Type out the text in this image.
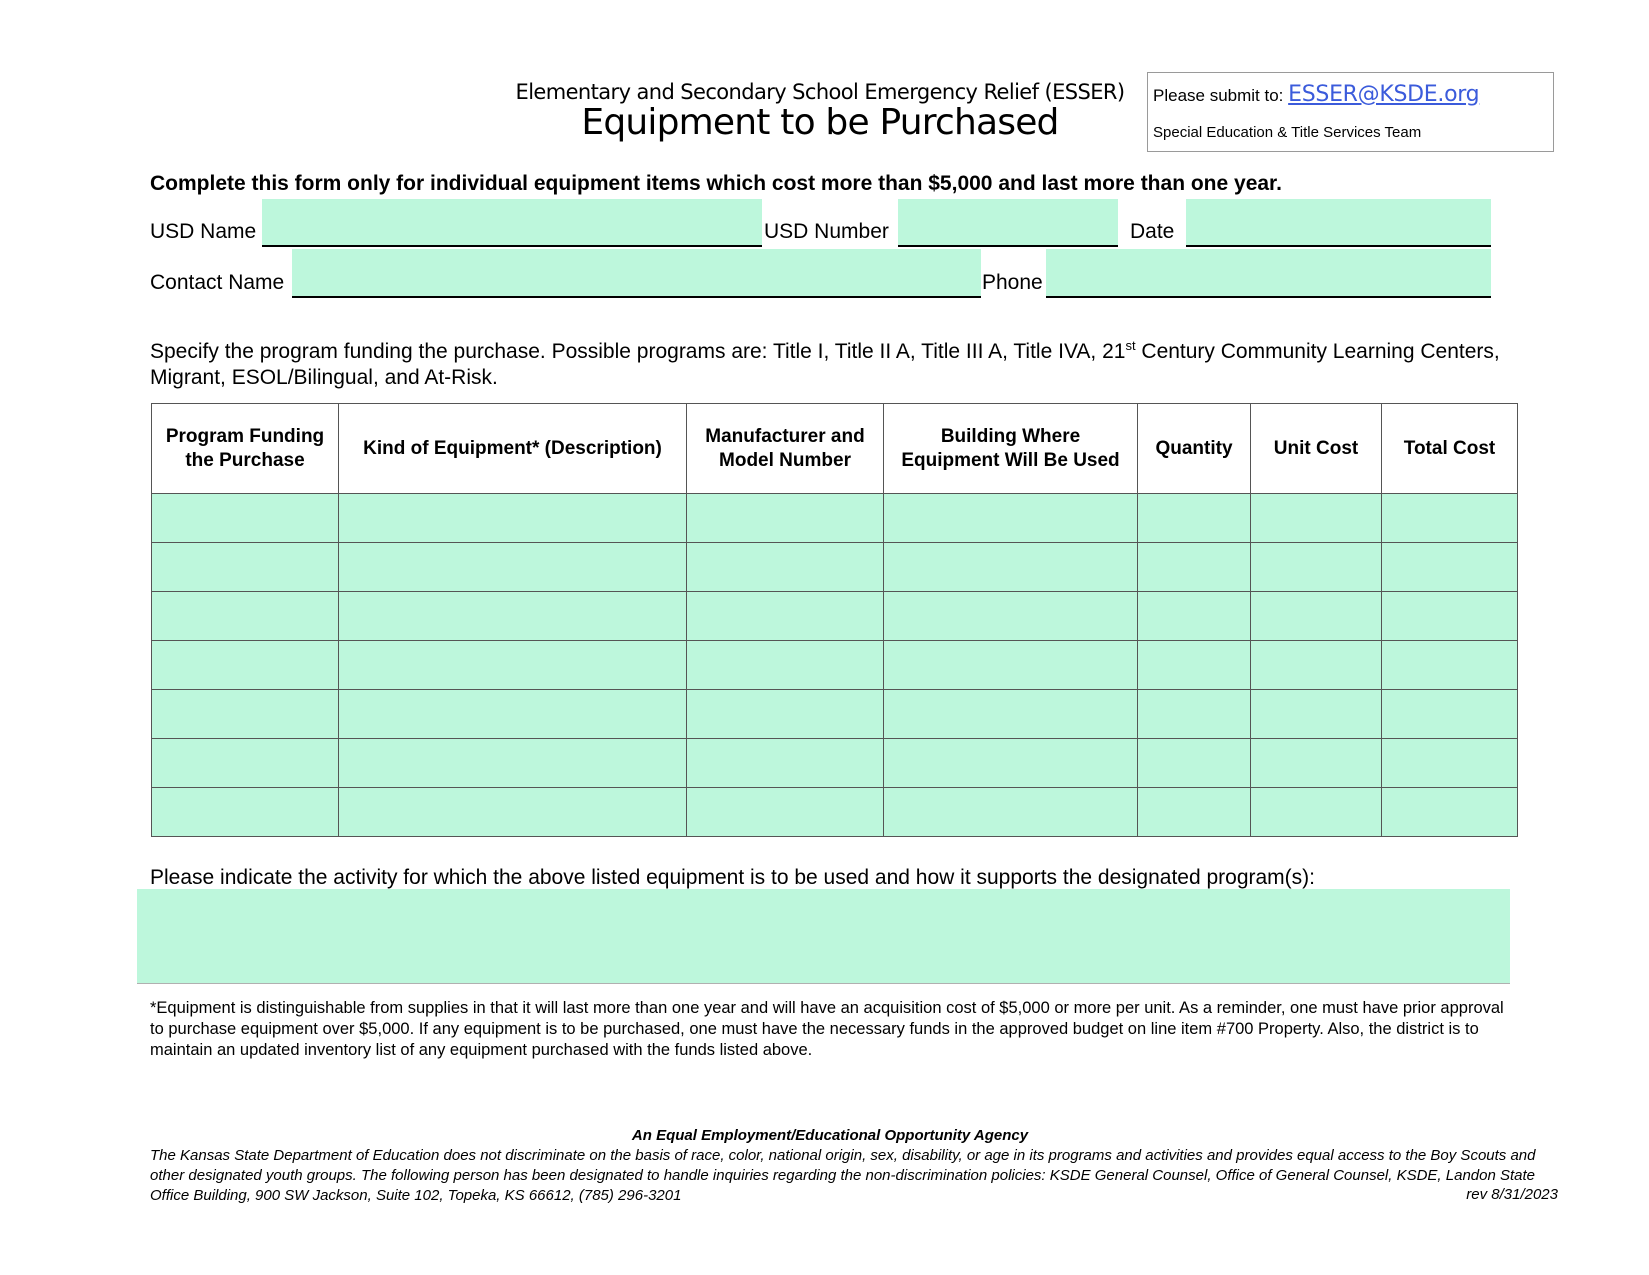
Elementary and Secondary School Emergency Relief (ESSER)
Equipment to be Purchased
Please submit to: ESSER@KSDE.org
Special Education & Title Services Team
Complete this form only for individual equipment items which cost more than $5,000 and last more than one year.
USD Name	USD Number	Date
Contact Name	Phone
Specify the program funding the purchase. Possible programs are: Title I, Title II A, Title III A, Title IVA, 21st Century Community Learning Centers, Migrant, ESOL/Bilingual, and At-Risk.
Program Funding the Purchase	Kind of Equipment* (Description)	Manufacturer and Model Number	Building Where Equipment Will Be Used	Quantity	Unit Cost	Total Cost

Please indicate the activity for which the above listed equipment is to be used and how it supports the designated program(s):
*Equipment is distinguishable from supplies in that it will last more than one year and will have an acquisition cost of $5,000 or more per unit. As a reminder, one must have prior approval to purchase equipment over $5,000. If any equipment is to be purchased, one must have the necessary funds in the approved budget on line item #700 Property. Also, the district is to maintain an updated inventory list of any equipment purchased with the funds listed above.
An Equal Employment/Educational Opportunity Agency
The Kansas State Department of Education does not discriminate on the basis of race, color, national origin, sex, disability, or age in its programs and activities and provides equal access to the Boy Scouts and other designated youth groups. The following person has been designated to handle inquiries regarding the non-discrimination policies: KSDE General Counsel, Office of General Counsel, KSDE, Landon State Office Building, 900 SW Jackson, Suite 102, Topeka, KS 66612, (785) 296-3201	rev 8/31/2023
